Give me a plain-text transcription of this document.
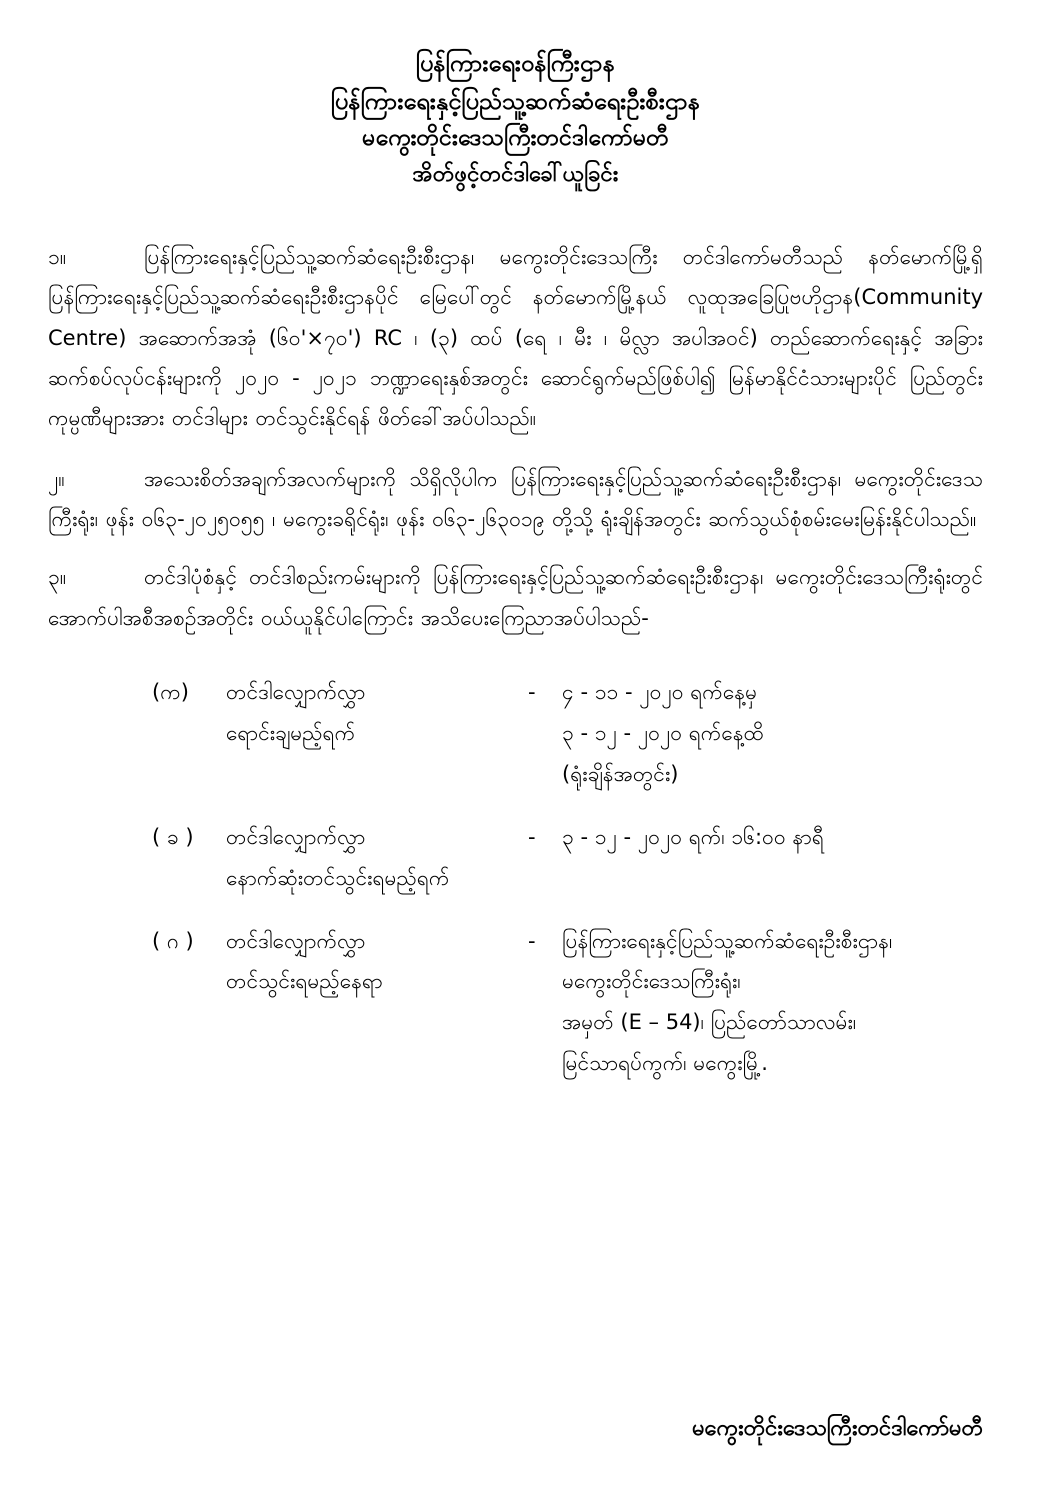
ပြန်ကြားရေးဝန်ကြီးဌာန
ပြန်ကြားရေးနှင့်ပြည်သူ့ဆက်ဆံရေးဦးစီးဌာန
မကွေးတိုင်းဒေသကြီးတင်ဒါကော်မတီ
အိတ်ဖွင့်တင်ဒါခေါ်ယူခြင်း

၁။	ပြန်ကြားရေးနှင့်ပြည်သူ့ဆက်ဆံရေးဦးစီးဌာန၊ မကွေးတိုင်းဒေသကြီး တင်ဒါကော်မတီသည် နတ်မောက်မြို့ရှိ ပြန်ကြားရေးနှင့်ပြည်သူ့ဆက်ဆံရေးဦးစီးဌာနပိုင် မြေပေါ်တွင် နတ်မောက်မြို့နယ် လူထုအခြေပြုဗဟိုဌာန(Community Centre) အဆောက်အအုံ (၆၀'×၇၀') RC ၊ (၃) ထပ် (ရေ ၊ မီး ၊ မိလ္လာ အပါအဝင်) တည်ဆောက်ရေးနှင့် အခြားဆက်စပ်လုပ်ငန်းများကို ၂၀၂၀ - ၂၀၂၁ ဘဏ္ဍာရေးနှစ်အတွင်း ဆောင်ရွက်မည်ဖြစ်ပါ၍ မြန်မာနိုင်ငံသားများပိုင် ပြည်တွင်းကုမ္ပဏီများအား တင်ဒါများ တင်သွင်းနိုင်ရန် ဖိတ်ခေါ်အပ်ပါသည်။

၂။	အသေးစိတ်အချက်အလက်များကို သိရှိလိုပါက ပြန်ကြားရေးနှင့်ပြည်သူ့ဆက်ဆံရေးဦးစီးဌာန၊ မကွေးတိုင်းဒေသကြီးရုံး၊ ဖုန်း ၀၆၃-၂၀၂၅၀၅၅ ၊ မကွေးခရိုင်ရုံး၊ ဖုန်း ၀၆၃-၂၆၃၀၁၉ တို့သို့ ရုံးချိန်အတွင်း ဆက်သွယ်စုံစမ်းမေးမြန်းနိုင်ပါသည်။

၃။	တင်ဒါပုံစံနှင့် တင်ဒါစည်းကမ်းများကို ပြန်ကြားရေးနှင့်ပြည်သူ့ဆက်ဆံရေးဦးစီးဌာန၊ မကွေးတိုင်းဒေသကြီးရုံးတွင် အောက်ပါအစီအစဉ်အတိုင်း ဝယ်ယူနိုင်ပါကြောင်း အသိပေးကြေညာအပ်ပါသည်-

(က)	တင်ဒါလျှောက်လွှာ
ရောင်းချမည့်ရက်
-	၄ - ၁၁ - ၂၀၂၀ ရက်နေ့မှ
၃ - ၁၂ - ၂၀၂၀ ရက်နေ့ထိ
(ရုံးချိန်အတွင်း)
( ခ )	တင်ဒါလျှောက်လွှာ
နောက်ဆုံးတင်သွင်းရမည့်ရက်
-	၃ - ၁၂ - ၂၀၂၀ ရက်၊ ၁၆:၀၀ နာရီ
( ဂ )	တင်ဒါလျှောက်လွှာ
တင်သွင်းရမည့်နေရာ
-	ပြန်ကြားရေးနှင့်ပြည်သူ့ဆက်ဆံရေးဦးစီးဌာန၊
မကွေးတိုင်းဒေသကြီးရုံး၊
အမှတ် (E – 54)၊ ပြည်တော်သာလမ်း၊
မြင်သာရပ်ကွက်၊ မကွေးမြို့.
မကွေးတိုင်းဒေသကြီးတင်ဒါကော်မတီ
